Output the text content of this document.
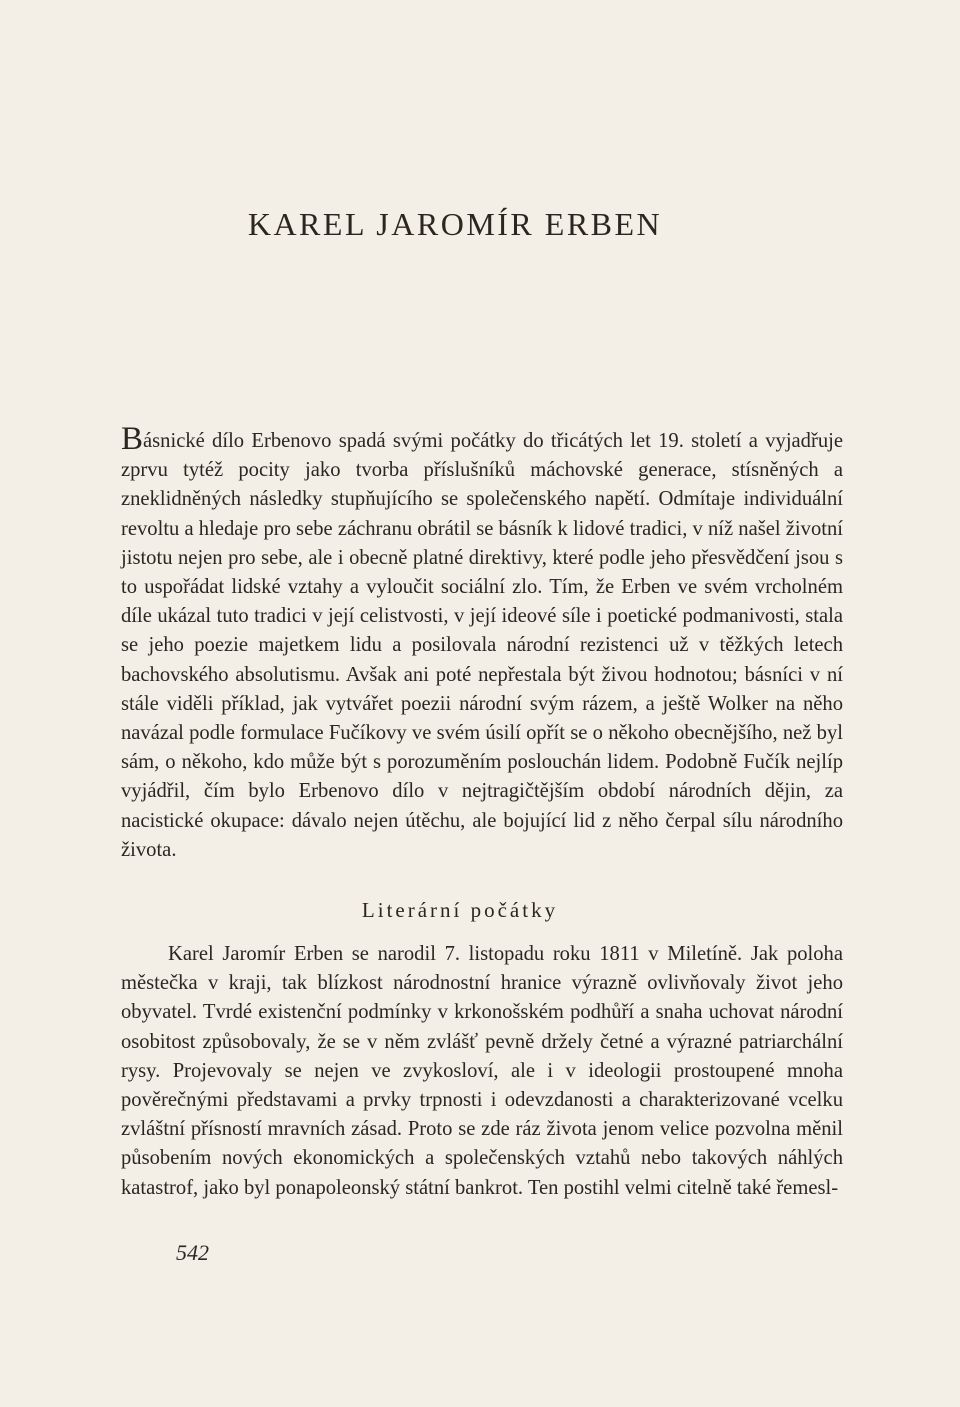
KAREL JAROMÍR ERBEN

Básnické dílo Erbenovo spadá svými počátky do třicátých let 19. století a vyjadřuje zprvu tytéž pocity jako tvorba příslušníků máchovské generace, stísněných a zneklidněných následky stupňujícího se společenského napětí. Odmítaje individuální revoltu a hledaje pro sebe záchranu obrátil se básník k lidové tradici, v níž našel životní jistotu nejen pro sebe, ale i obecně platné direktivy, které podle jeho přesvědčení jsou s to uspořádat lidské vztahy a vyloučit sociální zlo. Tím, že Erben ve svém vrcholném díle ukázal tuto tradici v její celistvosti, v její ideové síle i poetické podmanivosti, stala se jeho poezie majetkem lidu a posilovala národní rezistenci už v těžkých letech bachovského absolutismu. Avšak ani poté nepřestala být živou hodnotou; básníci v ní stále viděli příklad, jak vytvářet poezii národní svým rázem, a ještě Wolker na něho navázal podle formulace Fučíkovy ve svém úsilí opřít se o někoho obecnějšího, než byl sám, o někoho, kdo může být s porozuměním poslouchán lidem. Podobně Fučík nejlíp vyjádřil, čím bylo Erbenovo dílo v nejtragičtějším období národních dějin, za nacistické okupace: dávalo nejen útěchu, ale bojující lid z něho čerpal sílu národního života.

Literární počátky

Karel Jaromír Erben se narodil 7. listopadu roku 1811 v Miletíně. Jak poloha městečka v kraji, tak blízkost národnostní hranice výrazně ovlivňovaly život jeho obyvatel. Tvrdé existenční podmínky v krkonošském podhůří a snaha uchovat národní osobitost způsobovaly, že se v něm zvlášť pevně držely četné a výrazné patriarchální rysy. Projevovaly se nejen ve zvykosloví, ale i v ideologii prostoupené mnoha pověrečnými představami a prvky trpnosti i odevzdanosti a charakterizované vcelku zvláštní přísností mravních zásad. Proto se zde ráz života jenom velice pozvolna měnil působením nových ekonomických a společenských vztahů nebo takových náhlých katastrof, jako byl ponapoleonský státní bankrot. Ten postihl velmi citelně také řemesl-

542
